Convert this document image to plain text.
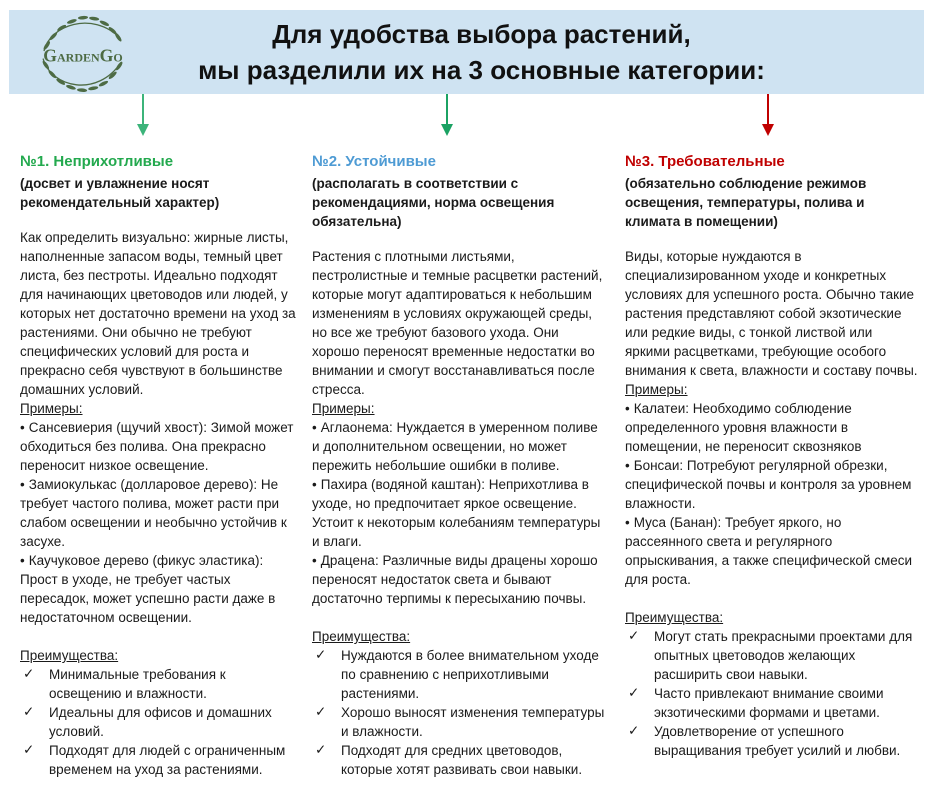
GardenGo
Для удобства выбора растений,
мы разделили их на 3 основные категории:

№1. Неприхотливые

(досвет и увлажнение носят рекомендательный характер)

Как определить визуально: жирные листы, наполненные запасом воды, темный цвет листа, без пестроты. Идеально подходят для начинающих цветоводов или людей, у которых нет достаточно времени на уход за растениями. Они обычно не требуют специфических условий для роста и прекрасно себя чувствуют в большинстве домашних условий.

Примеры:

• Сансевиерия (щучий хвост): Зимой может обходиться без полива. Она прекрасно переносит низкое освещение.

• Замиокулькас (долларовое дерево): Не требует частого полива, может расти при слабом освещении и необычно устойчив к засухе.

• Каучуковое дерево (фикус эластика): Прост в уходе, не требует частых пересадок, может успешно расти даже в недостаточном освещении.

Преимущества:

✓	Минимальные требования к освещению и влажности.
✓	Идеальны для офисов и домашних условий.
✓	Подходят для людей с ограниченным временем на уход за растениями.

№2. Устойчивые

(располагать в соответствии с рекомендациями, норма освещения обязательна)

Растения с плотными листьями, пестролистные и темные расцветки растений, которые могут адаптироваться к небольшим изменениям в условиях окружающей среды, но все же требуют базового ухода. Они хорошо переносят временные недостатки во внимании и смогут восстанавливаться после стресса.

Примеры:

• Аглаонема: Нуждается в умеренном поливе и дополнительном освещении, но может пережить небольшие ошибки в поливе.

• Пахира (водяной каштан): Неприхотлива в уходе, но предпочитает яркое освещение. Устоит к некоторым колебаниям температуры и влаги.

• Драцена: Различные виды драцены хорошо переносят недостаток света и бывают достаточно терпимы к пересыханию почвы.

Преимущества:

✓	Нуждаются в более внимательном уходе по сравнению с неприхотливыми растениями.
✓	Хорошо выносят изменения температуры и влажности.
✓	Подходят для средних цветоводов, которые хотят развивать свои навыки.

№3. Требовательные

(обязательно соблюдение режимов освещения, температуры, полива и климата в помещении)

Виды, которые нуждаются в специализированном уходе и конкретных условиях для успешного роста. Обычно такие растения представляют собой экзотические или редкие виды, с тонкой листвой или яркими расцветками, требующие особого внимания к света, влажности и составу почвы.

Примеры:

• Калатеи: Необходимо соблюдение определенного уровня влажности в помещении, не переносит сквозняков

• Бонсаи: Потребуют регулярной обрезки, специфической почвы и контроля за уровнем влажности.

• Муса (Банан): Требует яркого, но рассеянного света и регулярного опрыскивания, а также специфической смеси для роста.

Преимущества:

✓	Могут стать прекрасными проектами для опытных цветоводов желающих расширить свои навыки.
✓	Часто привлекают внимание своими экзотическими формами и цветами.
✓	Удовлетворение от успешного выращивания требует усилий и любви.
